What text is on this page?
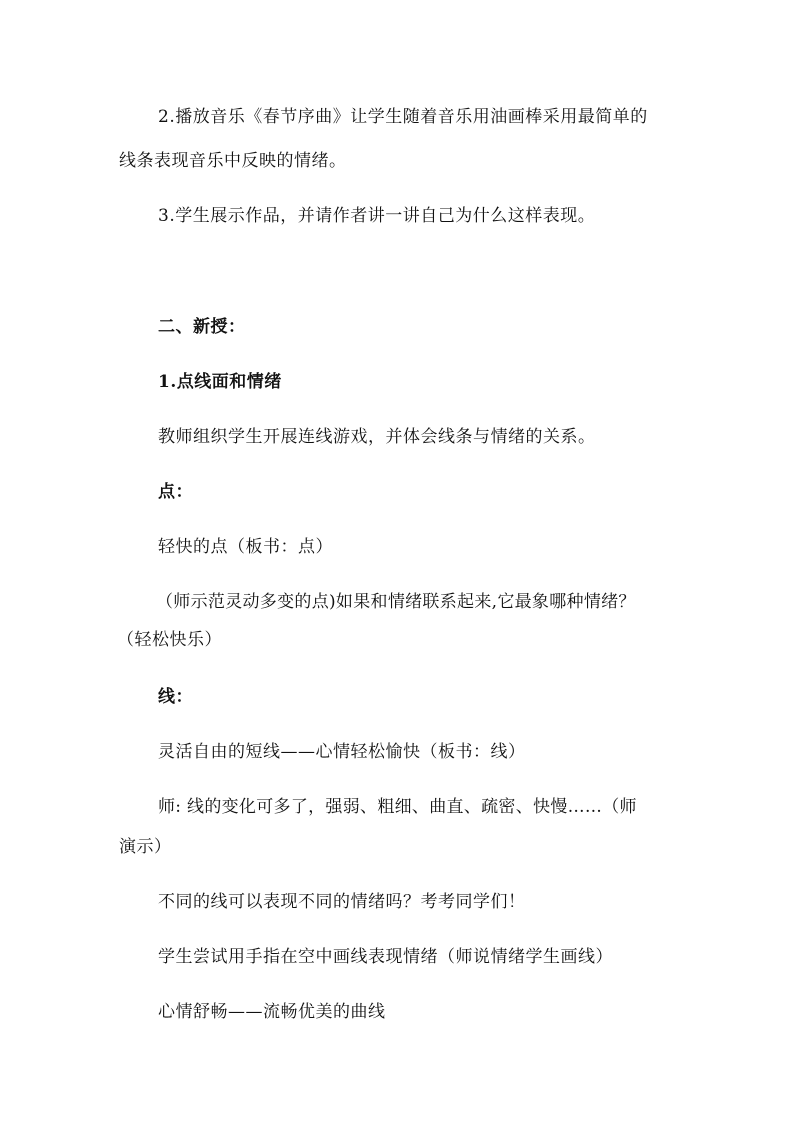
2.播放音乐《春节序曲》让学生随着音乐用油画棒采用最简单的
线条表现音乐中反映的情绪。
3.学生展示作品，并请作者讲一讲自己为什么这样表现。
二、新授：
1.点线面和情绪
教师组织学生开展连线游戏，并体会线条与情绪的关系。
点：
轻快的点（板书：点）
（师示范灵动多变的点)如果和情绪联系起来,它最象哪种情绪？
（轻松快乐）
线：
灵活自由的短线——心情轻松愉快（板书：线）
师: 线的变化可多了，强弱、粗细、曲直、疏密、快慢……（师
演示）
不同的线可以表现不同的情绪吗？考考同学们！
学生尝试用手指在空中画线表现情绪（师说情绪学生画线）
心情舒畅——流畅优美的曲线
